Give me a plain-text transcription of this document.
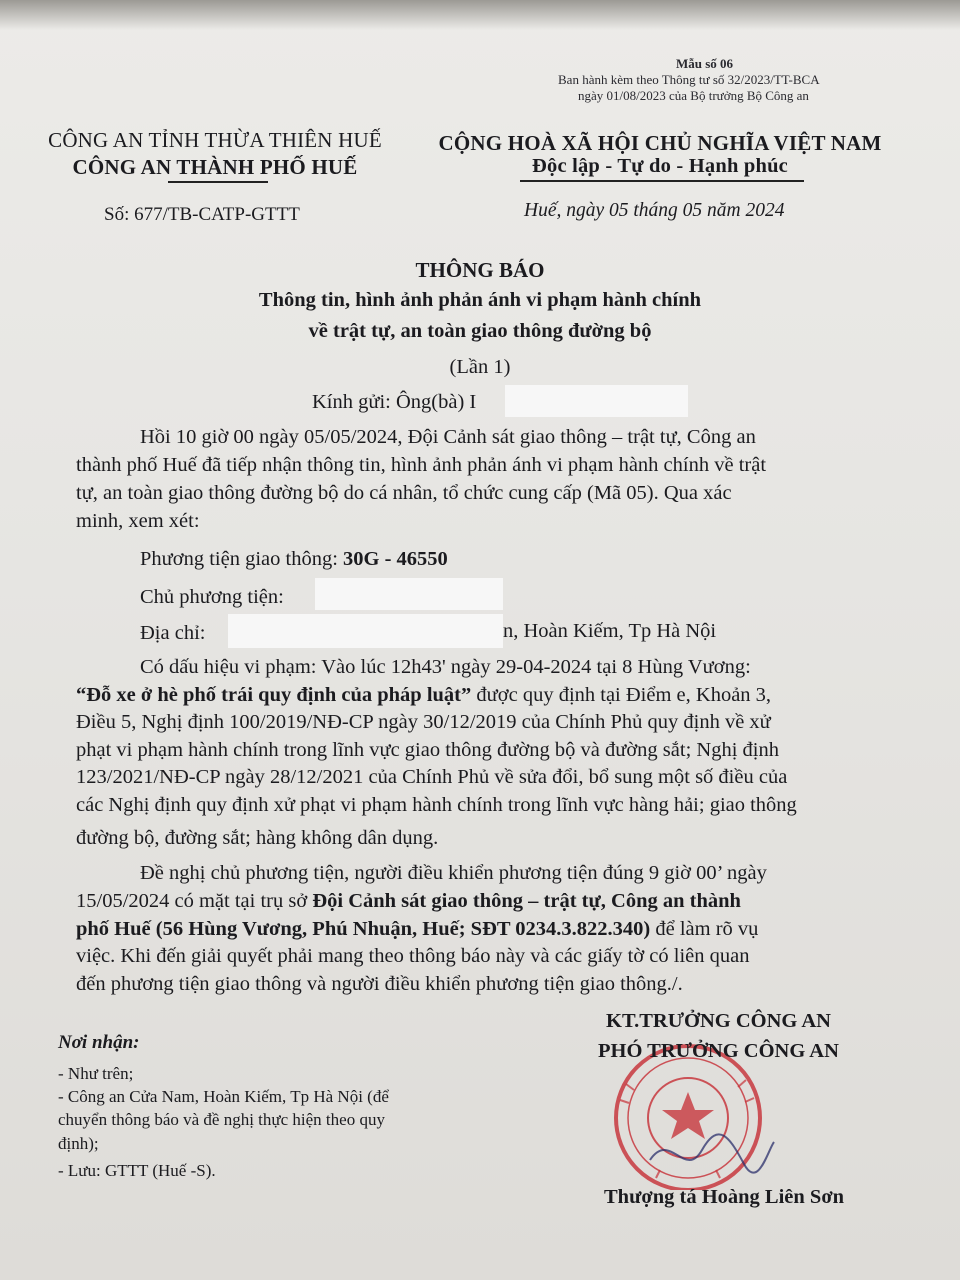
Mẫu số 06
Ban hành kèm theo Thông tư số 32/2023/TT-BCA
ngày 01/08/2023 của Bộ trưởng Bộ Công an
CÔNG AN TỈNH THỪA THIÊN HUẾ
CÔNG AN THÀNH PHỐ HUẾ
Số: 677/TB-CATP-GTTT
CỘNG HOÀ XÃ HỘI CHỦ NGHĨA VIỆT NAM
Độc lập - Tự do - Hạnh phúc
Huế, ngày 05 tháng 05 năm 2024
THÔNG BÁO
Thông tin, hình ảnh phản ánh vi phạm hành chính
về trật tự, an toàn giao thông đường bộ
(Lần 1)
Kính gửi: Ông(bà) I
Hồi 10 giờ 00 ngày 05/05/2024, Đội Cảnh sát giao thông – trật tự, Công an
thành phố Huế đã tiếp nhận thông tin, hình ảnh phản ánh vi phạm hành chính về trật
tự, an toàn giao thông đường bộ do cá nhân, tổ chức cung cấp (Mã 05). Qua xác
minh, xem xét:
Phương tiện giao thông: 30G - 46550
Chủ phương tiện:
Địa chỉ:	n, Hoàn Kiếm, Tp Hà Nội
Có dấu hiệu vi phạm: Vào lúc 12h43' ngày 29-04-2024 tại 8 Hùng Vương:
“Đỗ xe ở hè phố trái quy định của pháp luật” được quy định tại Điểm e, Khoản 3,
Điều 5, Nghị định 100/2019/NĐ-CP ngày 30/12/2019 của Chính Phủ quy định về xử
phạt vi phạm hành chính trong lĩnh vực giao thông đường bộ và đường sắt; Nghị định
123/2021/NĐ-CP ngày 28/12/2021 của Chính Phủ về sửa đổi, bổ sung một số điều của
các Nghị định quy định xử phạt vi phạm hành chính trong lĩnh vực hàng hải; giao thông
đường bộ, đường sắt; hàng không dân dụng.
Đề nghị chủ phương tiện, người điều khiển phương tiện đúng 9 giờ 00’ ngày
15/05/2024 có mặt tại trụ sở Đội Cảnh sát giao thông – trật tự, Công an thành
phố Huế (56 Hùng Vương, Phú Nhuận, Huế; SĐT 0234.3.822.340) để làm rõ vụ
việc. Khi đến giải quyết phải mang theo thông báo này và các giấy tờ có liên quan
đến phương tiện giao thông và người điều khiển phương tiện giao thông./.
Nơi nhận:
- Như trên;
- Công an Cửa Nam, Hoàn Kiếm, Tp Hà Nội (để
chuyển thông báo và đề nghị thực hiện theo quy
định);
- Lưu: GTTT (Huế -S).
KT.TRƯỞNG CÔNG AN
PHÓ TRƯỞNG CÔNG AN
Thượng tá Hoàng Liên Sơn
